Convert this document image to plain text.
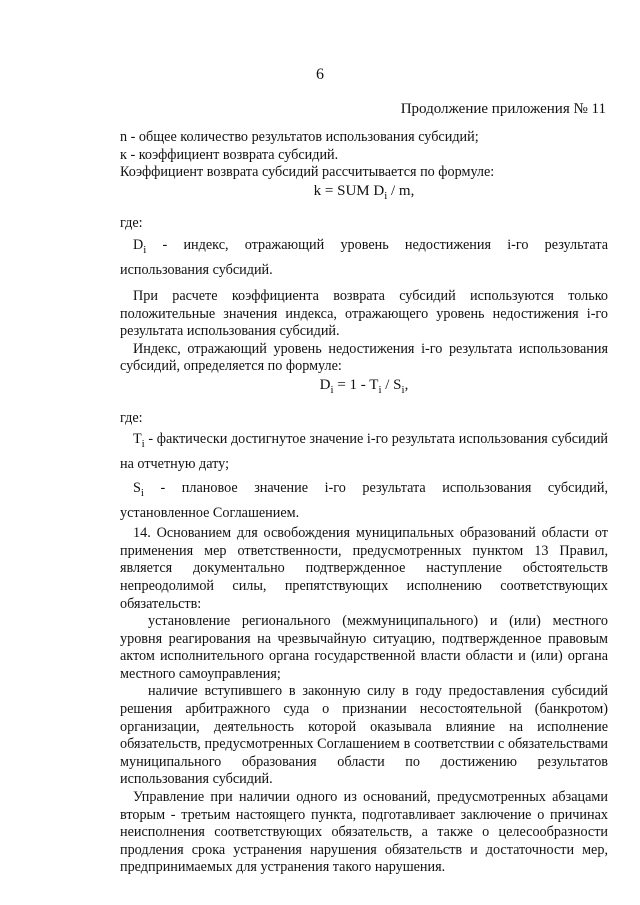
6
Продолжение приложения № 11

n - общее количество результатов использования субсидий;

к - коэффициент возврата субсидий.

Коэффициент возврата субсидий рассчитывается по формуле:

k = SUM $D_i$ / m,

где:

$D_i$ - индекс, отражающий уровень недостижения i-го результата использования субсидий.

При расчете коэффициента возврата субсидий используются только положительные значения индекса, отражающего уровень недостижения i-го результата использования субсидий.

Индекс, отражающий уровень недостижения i-го результата использования субсидий, определяется по формуле:

$D_i = 1 - T_i / S_i$,

где:

$T_i$ - фактически достигнутое значение i-го результата использования субсидий на отчетную дату;

$S_i$ - плановое значение i-го результата использования субсидий, установленное Соглашением.

14. Основанием для освобождения муниципальных образований области от применения мер ответственности, предусмотренных пунктом 13 Правил, является документально подтвержденное наступление обстоятельств непреодолимой силы, препятствующих исполнению соответствующих обязательств:

установление регионального (межмуниципального) и (или) местного уровня реагирования на чрезвычайную ситуацию, подтвержденное правовым актом исполнительного органа государственной власти области и (или) органа местного самоуправления;

наличие вступившего в законную силу в году предоставления субсидий решения арбитражного суда о признании несостоятельной (банкротом) организации, деятельность которой оказывала влияние на исполнение обязательств, предусмотренных Соглашением в соответствии с обязательствами муниципального образования области по достижению результатов использования субсидий.

Управление при наличии одного из оснований, предусмотренных абзацами вторым - третьим настоящего пункта, подготавливает заключение о причинах неисполнения соответствующих обязательств, а также о целесообразности продления срока устранения нарушения обязательств и достаточности мер, предпринимаемых для устранения такого нарушения.
